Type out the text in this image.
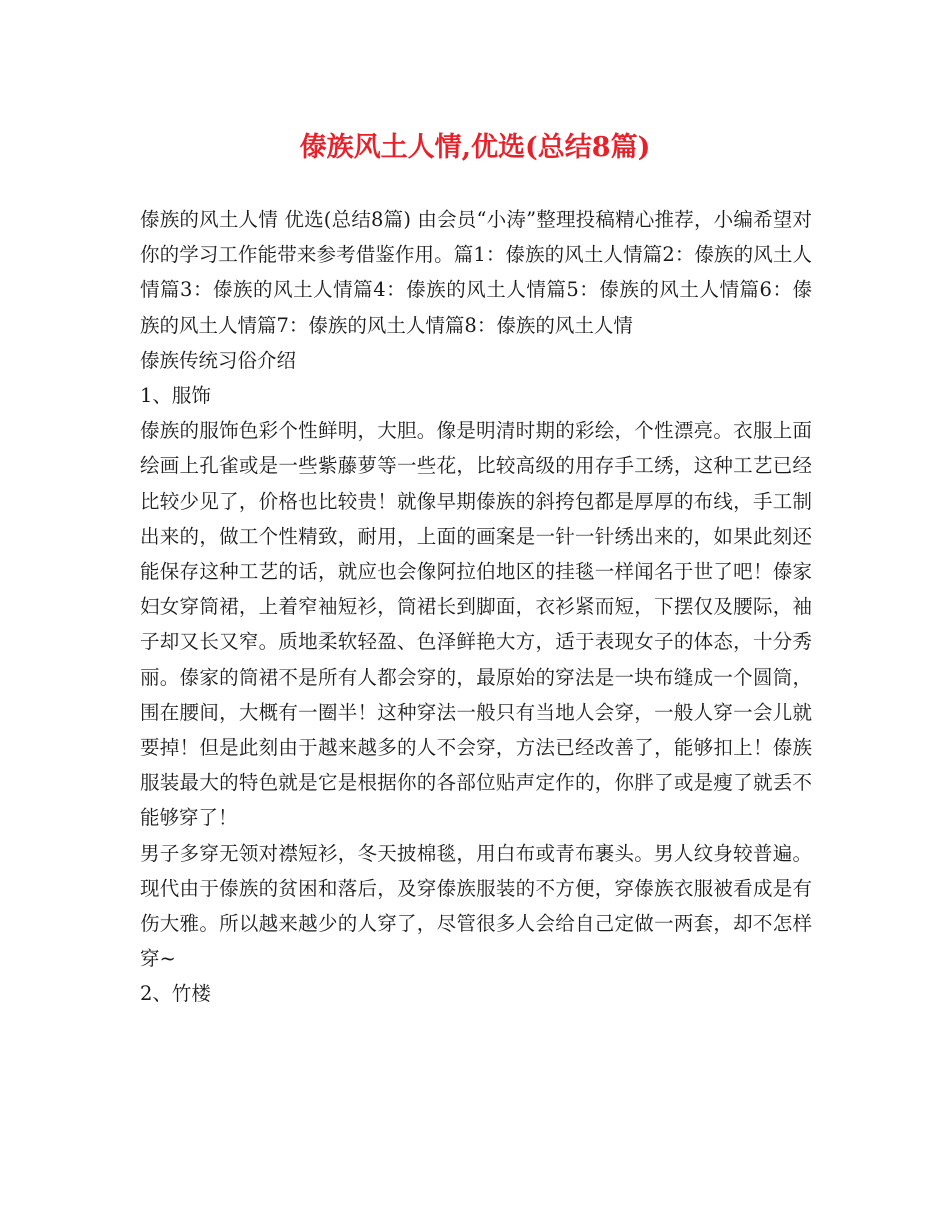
傣族风土人情,优选(总结8篇)

傣族的风土人情 优选(总结8篇) 由会员“小涛”整理投稿精心推荐，小编希望对你的学习工作能带来参考借鉴作用。篇1：傣族的风土人情篇2：傣族的风土人情篇3：傣族的风土人情篇4：傣族的风土人情篇5：傣族的风土人情篇6：傣族的风土人情篇7：傣族的风土人情篇8：傣族的风土人情

傣族传统习俗介绍

1、服饰

傣族的服饰色彩个性鲜明，大胆。像是明清时期的彩绘，个性漂亮。衣服上面绘画上孔雀或是一些紫藤萝等一些花，比较高级的用存手工绣，这种工艺已经比较少见了，价格也比较贵！就像早期傣族的斜挎包都是厚厚的布线，手工制出来的，做工个性精致，耐用，上面的画案是一针一针绣出来的，如果此刻还能保存这种工艺的话，就应也会像阿拉伯地区的挂毯一样闻名于世了吧！傣家妇女穿筒裙，上着窄袖短衫，筒裙长到脚面，衣衫紧而短，下摆仅及腰际，袖子却又长又窄。质地柔软轻盈、色泽鲜艳大方，适于表现女子的体态，十分秀丽。傣家的筒裙不是所有人都会穿的，最原始的穿法是一块布缝成一个圆筒，围在腰间，大概有一圈半！这种穿法一般只有当地人会穿，一般人穿一会儿就要掉！但是此刻由于越来越多的人不会穿，方法已经改善了，能够扣上！傣族服装最大的特色就是它是根据你的各部位贴声定作的，你胖了或是瘦了就丢不能够穿了！

男子多穿无领对襟短衫，冬天披棉毯，用白布或青布裹头。男人纹身较普遍。现代由于傣族的贫困和落后，及穿傣族服装的不方便，穿傣族衣服被看成是有伤大雅。所以越来越少的人穿了，尽管很多人会给自己定做一两套，却不怎样穿~

2、竹楼
